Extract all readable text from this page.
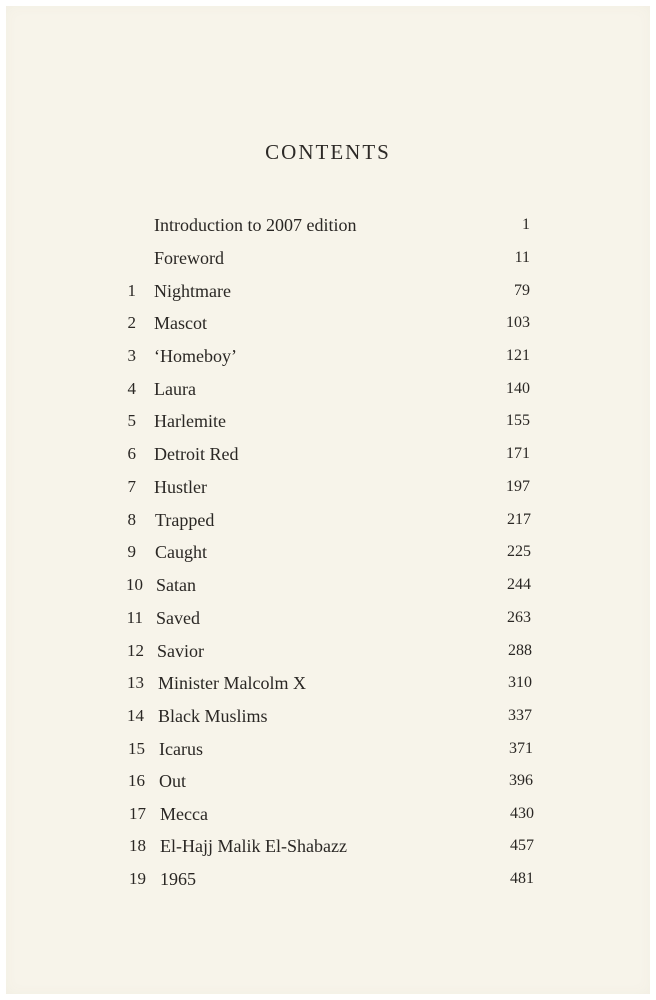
CONTENTS
Introduction to 2007 edition	1
Foreword	11
1 Nightmare	79
2 Mascot	103
3 ‘Homeboy’	121
4 Laura	140
5 Harlemite	155
6 Detroit Red	171
7 Hustler	197
8 Trapped	217
9 Caught	225
10 Satan	244
11 Saved	263
12 Savior	288
13 Minister Malcolm X	310
14 Black Muslims	337
15 Icarus	371
16 Out	396
17 Mecca	430
18 El-Hajj Malik El-Shabazz	457
19 1965	481
